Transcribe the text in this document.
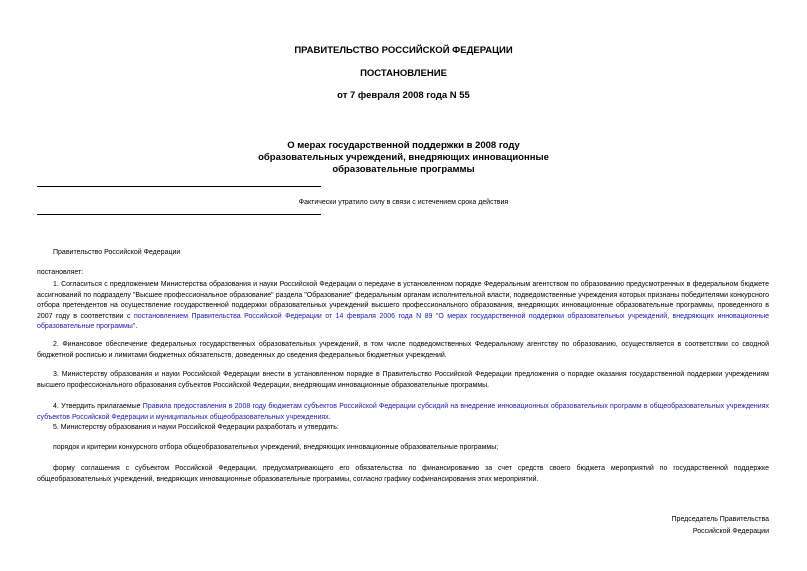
ПРАВИТЕЛЬСТВО РОССИЙСКОЙ ФЕДЕРАЦИИ
ПОСТАНОВЛЕНИЕ
от 7 февраля 2008 года N 55
О мерах государственной поддержки в 2008 году
образовательных учреждений, внедряющих инновационные
образовательные программы
Фактически утратило силу в связи с истечением срока действия
Правительство Российской Федерации
постановляет:
1. Согласиться с предложением Министерства образования и науки Российской Федерации о передаче в установленном порядке Федеральным агентством по образованию предусмотренных в федеральном бюджете ассигнований по подразделу "Высшее профессиональное образование" раздела "Образование" федеральным органам исполнительной власти, подведомственные учреждения которых признаны победителями конкурсного отбора претендентов на осуществление государственной поддержки образовательных учреждений высшего профессионального образования, внедряющих инновационные образовательные программы, проведенного в 2007 году в соответствии с постановлением Правительства Российской Федерации от 14 февраля 2006 года N 89 "О мерах государственной поддержки образовательных учреждений, внедряющих инновационные образовательные программы".
2. Финансовое обеспечение федеральных государственных образовательных учреждений, в том числе подведомственных Федеральному агентству по образованию, осуществляется в соответствии со сводной бюджетной росписью и лимитами бюджетных обязательств, доведенных до сведения федеральных бюджетных учреждений.
3. Министерству образования и науки Российской Федерации внести в установленном порядке в Правительство Российской Федерации предложения о порядке оказания государственной поддержки учреждениям высшего профессионального образования субъектов Российской Федерации, внедряющим инновационные образовательные программы.
4. Утвердить прилагаемые Правила предоставления в 2008 году бюджетам субъектов Российской Федерации субсидий на внедрение инновационных образовательных программ в общеобразовательных учреждениях субъектов Российской Федерации и муниципальных общеобразовательных учреждениях.
5. Министерству образования и науки Российской Федерации разработать и утвердить:
порядок и критерии конкурсного отбора общеобразовательных учреждений, внедряющих инновационные образовательные программы;
форму соглашения с субъектом Российской Федерации, предусматривающего его обязательства по финансированию за счет средств своего бюджета мероприятий по государственной поддержке общеобразовательных учреждений, внедряющих инновационные образовательные программы, согласно графику софинансирования этих мероприятий.
Председатель Правительства
Российской Федерации
